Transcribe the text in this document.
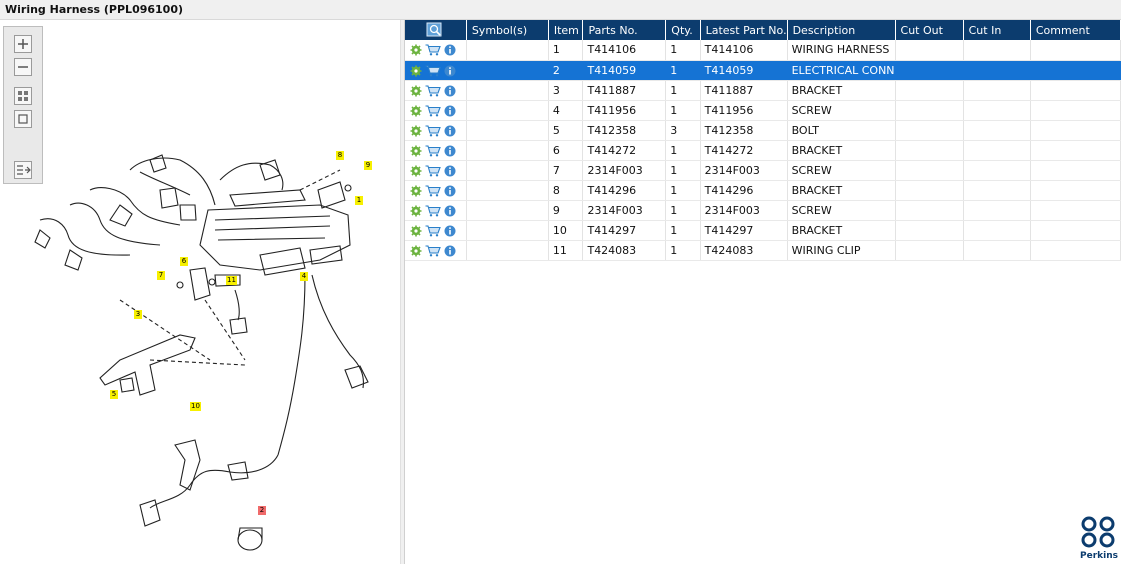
Wiring Harness (PPL096100)
1
2
3
4
5
6
7
8
9
10
11
	Symbol(s)	Item	Parts No.	Qty.	Latest Part No.	Description	Cut Out	Cut In	Comment
		1	T414106	1	T414106	WIRING HARNESS			
		2	T414059	1	T414059	ELECTRICAL CONN			
		3	T411887	1	T411887	BRACKET			
		4	T411956	1	T411956	SCREW			
		5	T412358	3	T412358	BOLT			
		6	T414272	1	T414272	BRACKET			
		7	2314F003	1	2314F003	SCREW			
		8	T414296	1	T414296	BRACKET			
		9	2314F003	1	2314F003	SCREW			
		10	T414297	1	T414297	BRACKET			
		11	T424083	1	T424083	WIRING CLIP			
Perkins
